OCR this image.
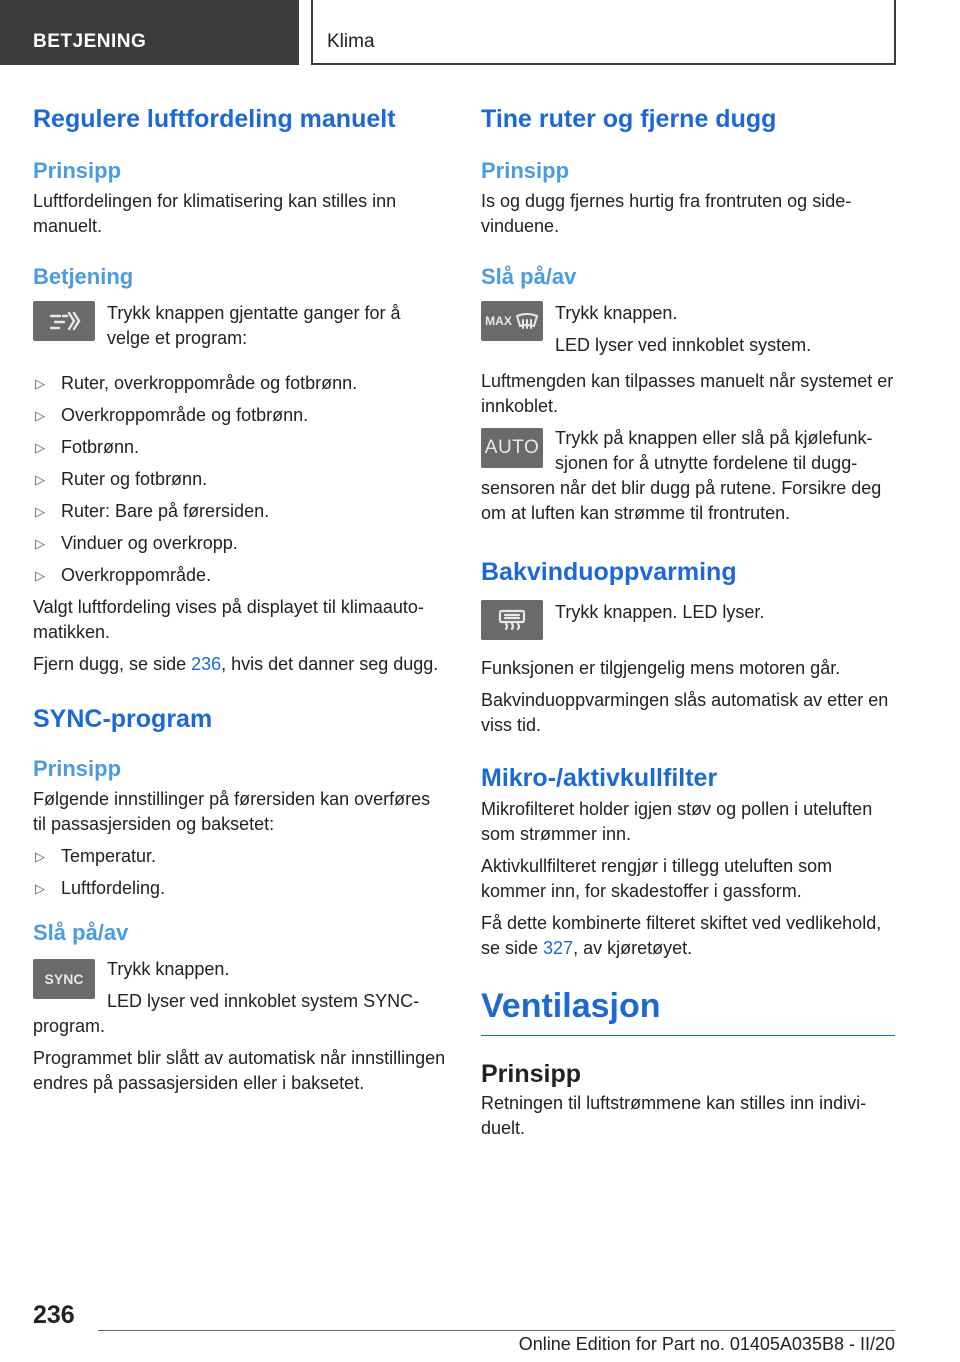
BETJENING	Klima
Regulere luftfordeling manuelt
Prinsipp

Luftfordelingen for klimatisering kan stilles inn manuelt.

Betjening

Trykk knappen gjentatte ganger for å velge et program:

▷ Ruter, overkroppområde og fotbrønn.
▷ Overkroppområde og fotbrønn.
▷ Fotbrønn.
▷ Ruter og fotbrønn.
▷ Ruter: Bare på førersiden.
▷ Vinduer og overkropp.
▷ Overkroppområde.

Valgt luftfordeling vises på displayet til klimaautomatikken.

Fjern dugg, se side 236, hvis det danner seg dugg.

SYNC-program
Prinsipp

Følgende innstillinger på førersiden kan overføres til passasjersiden og baksetet:

▷ Temperatur.
▷ Luftfordeling.
Slå på/av
SYNC	Trykk knappen.

LED lyser ved innkoblet system SYNC-program.

Programmet blir slått av automatisk når innstillingen endres på passasjersiden eller i baksetet.

Tine ruter og fjerne dugg
Prinsipp

Is og dugg fjernes hurtig fra frontruten og sidevinduene.

Slå på/av
MAX Trykk knappen.

LED lyser ved innkoblet system.

Luftmengden kan tilpasses manuelt når systemet er innkoblet.

AUTO Trykk på knappen eller slå på kjølefunksjonen for å utnytte fordelene til duggsensoren når det blir dugg på rutene. Forsikre deg om at luften kan strømme til frontruten.

Bakvinduoppvarming

Trykk knappen. LED lyser.

Funksjonen er tilgjengelig mens motoren går.

Bakvinduoppvarmingen slås automatisk av etter en viss tid.

Mikro-/aktivkullfilter

Mikrofilteret holder igjen støv og pollen i uteluften som strømmer inn.

Aktivkullfilteret rengjør i tillegg uteluften som kommer inn, for skadestoffer i gassform.

Få dette kombinerte filteret skiftet ved vedlikehold, se side 327, av kjøretøyet.

Ventilasjon
Prinsipp

Retningen til luftstrømmene kan stilles inn individuelt.

236
Online Edition for Part no. 01405A035B8 - II/20
